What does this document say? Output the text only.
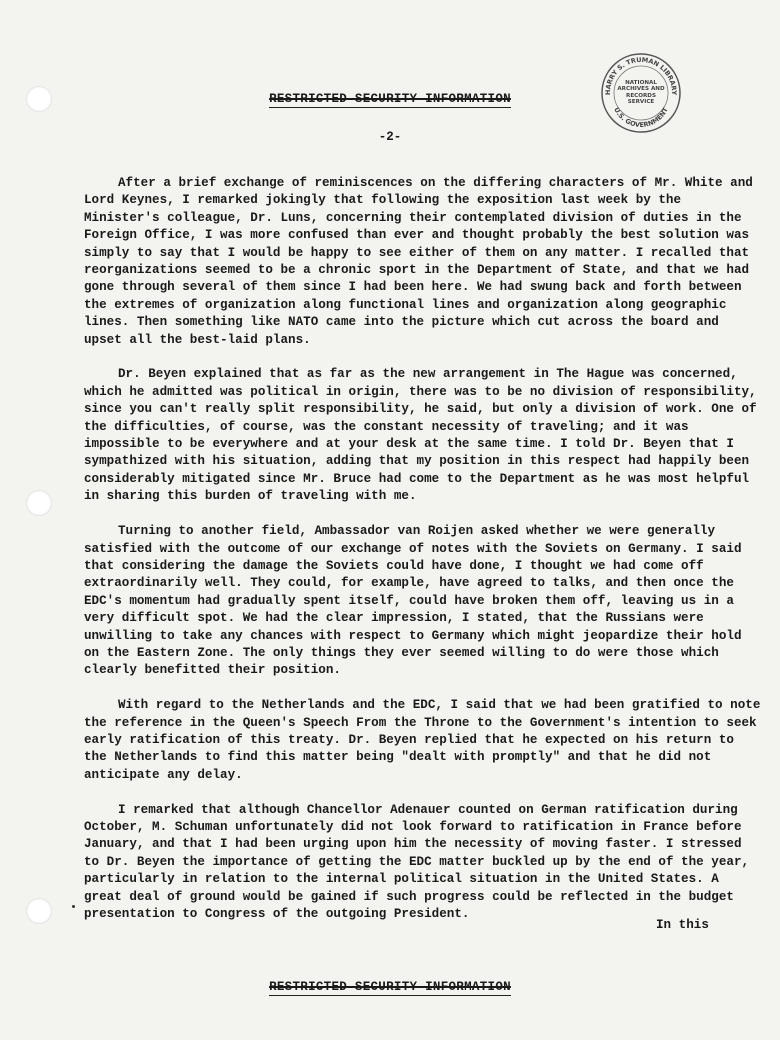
HARRY S. TRUMAN LIBRARY
U.S. GOVERNMENT
NATIONAL ARCHIVES AND RECORDS SERVICE
RESTRICTED SECURITY INFORMATION
-2-

After a brief exchange of reminiscences on the differing characters of Mr. White and Lord Keynes, I remarked jokingly that following the exposition last week by the Minister's colleague, Dr. Luns, concerning their contemplated division of duties in the Foreign Office, I was more confused than ever and thought probably the best solution was simply to say that I would be happy to see either of them on any matter. I recalled that reorganizations seemed to be a chronic sport in the Department of State, and that we had gone through several of them since I had been here. We had swung back and forth between the extremes of organization along functional lines and organization along geographic lines. Then something like NATO came into the picture which cut across the board and upset all the best-laid plans.

Dr. Beyen explained that as far as the new arrangement in The Hague was concerned, which he admitted was political in origin, there was to be no division of responsibility, since you can't really split responsibility, he said, but only a division of work. One of the difficulties, of course, was the constant necessity of traveling; and it was impossible to be everywhere and at your desk at the same time. I told Dr. Beyen that I sympathized with his situation, adding that my position in this respect had happily been considerably mitigated since Mr. Bruce had come to the Department as he was most helpful in sharing this burden of traveling with me.

Turning to another field, Ambassador van Roijen asked whether we were generally satisfied with the outcome of our exchange of notes with the Soviets on Germany. I said that considering the damage the Soviets could have done, I thought we had come off extraordinarily well. They could, for example, have agreed to talks, and then once the EDC's momentum had gradually spent itself, could have broken them off, leaving us in a very difficult spot. We had the clear impression, I stated, that the Russians were unwilling to take any chances with respect to Germany which might jeopardize their hold on the Eastern Zone. The only things they ever seemed willing to do were those which clearly benefitted their position.

With regard to the Netherlands and the EDC, I said that we had been gratified to note the reference in the Queen's Speech From the Throne to the Government's intention to seek early ratification of this treaty. Dr. Beyen replied that he expected on his return to the Netherlands to find this matter being "dealt with promptly" and that he did not anticipate any delay.

I remarked that although Chancellor Adenauer counted on German ratification during October, M. Schuman unfortunately did not look forward to ratification in France before January, and that I had been urging upon him the necessity of moving faster. I stressed to Dr. Beyen the importance of getting the EDC matter buckled up by the end of the year, particularly in relation to the internal political situation in the United States. A great deal of ground would be gained if such progress could be reflected in the budget presentation to Congress of the outgoing President.

In this
RESTRICTED SECURITY INFORMATION
